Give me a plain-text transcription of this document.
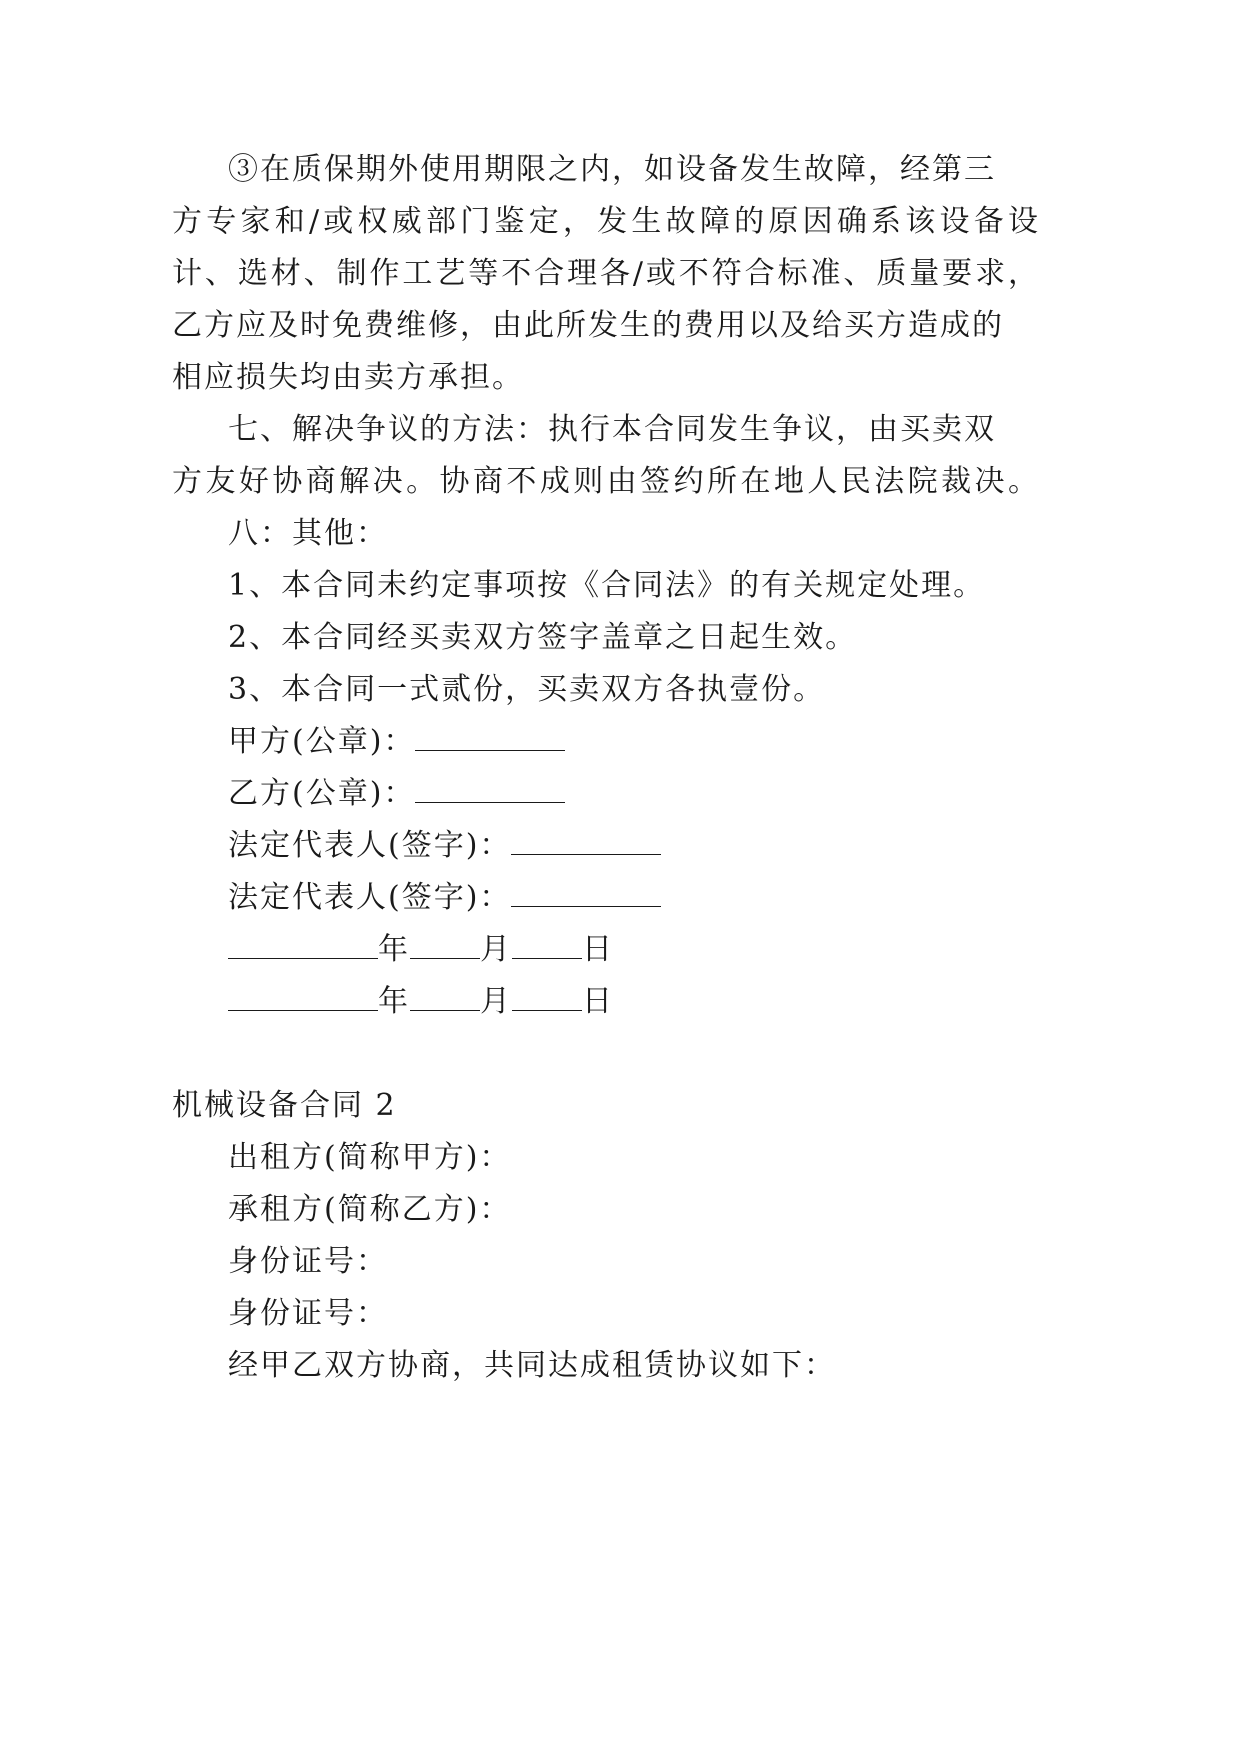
③在质保期外使用期限之内，如设备发生故障，经第三
方专家和/或权威部门鉴定，发生故障的原因确系该设备设
计、选材、制作工艺等不合理各/或不符合标准、质量要求，
乙方应及时免费维修，由此所发生的费用以及给买方造成的
相应损失均由卖方承担。
七、解决争议的方法：执行本合同发生争议，由买卖双
方友好协商解决。协商不成则由签约所在地人民法院裁决。
八：其他：
1、本合同未约定事项按《合同法》的有关规定处理。
2、本合同经买卖双方签字盖章之日起生效。
3、本合同一式贰份，买卖双方各执壹份。
甲方(公章)：
乙方(公章)：
法定代表人(签字)：
法定代表人(签字)：
年 月 日
年 月 日
机械设备合同 2
出租方(简称甲方)：
承租方(简称乙方)：
身份证号：
身份证号：
经甲乙双方协商，共同达成租赁协议如下：
